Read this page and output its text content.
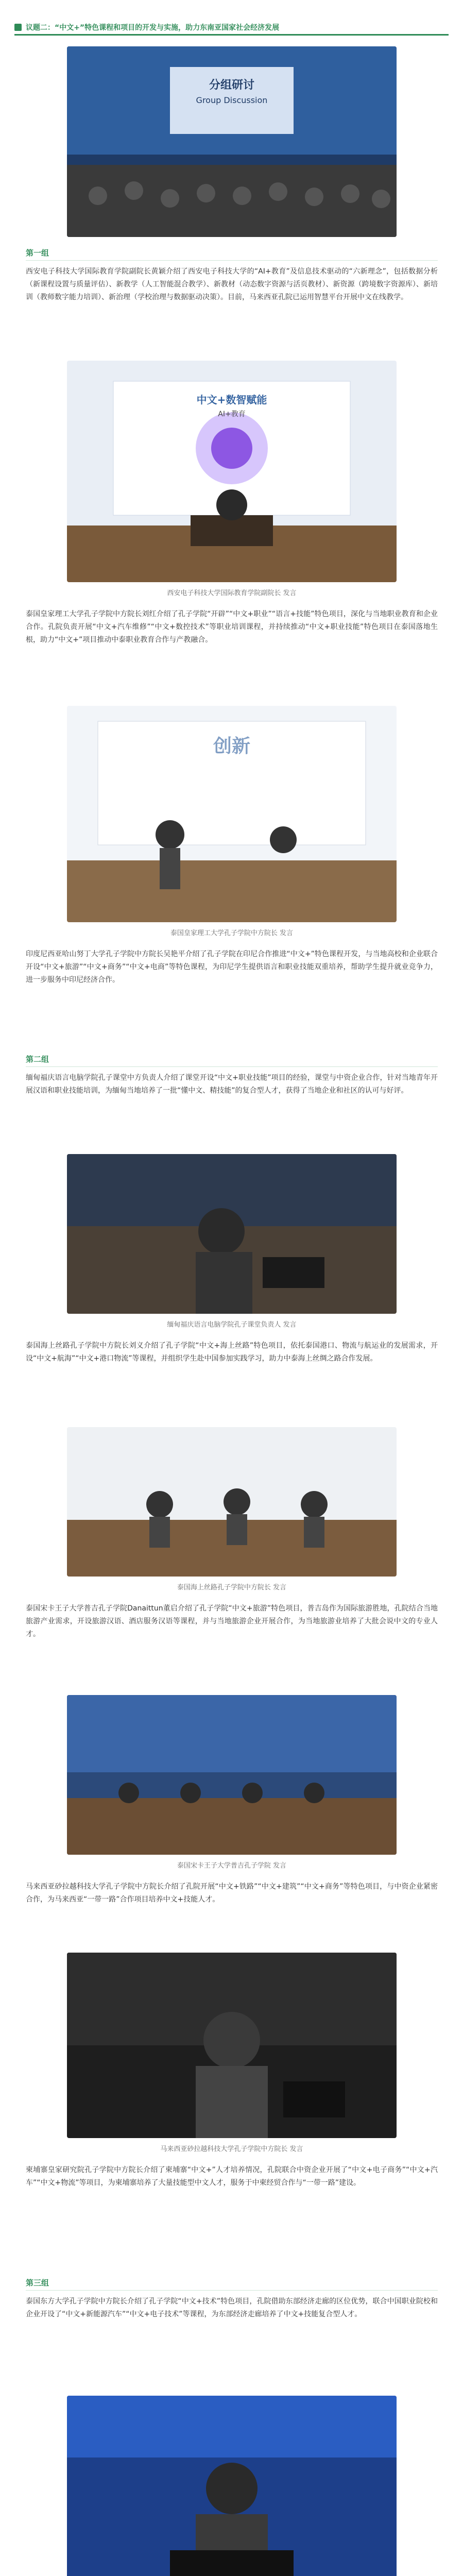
议题二：“中文+”特色课程和项目的开发与实施，助力东南亚国家社会经济发展
分组研讨
Group Discussion
第一组
西安电子科技大学国际教育学院副院长黄颖介绍了西安电子科技大学的“AI+教育”及信息技术驱动的“六新理念”，包括数据分析（新课程设置与质量评估）、新教学（人工智能混合教学）、新教材（动态数字资源与活页教材）、新资源（跨境数字资源库）、新培训（教师数字能力培训）、新治理（学校治理与数据驱动决策）。目前，马来西亚孔院已运用智慧平台开展中文在线教学。
中文+数智赋能
AI+教育
西安电子科技大学国际教育学院副院长 发言
泰国皇家理工大学孔子学院中方院长刘红介绍了孔子学院“开辟”“中文+职业”“语言+技能”特色项目，深化与当地职业教育和企业合作。孔院负责开展“中文+汽车维修”“中文+数控技术”等职业培训课程，并持续推动“中文+职业技能”特色项目在泰国落地生根，助力“中文+”项目推动中泰职业教育合作与产教融合。
创新
泰国皇家理工大学孔子学院中方院长 发言
印度尼西亚哈山努丁大学孔子学院中方院长吴艳平介绍了孔子学院在印尼合作推进“中文+”特色课程开发，与当地高校和企业联合开设“中文+旅游”“中文+商务”“中文+电商”等特色课程，为印尼学生提供语言和职业技能双重培养，帮助学生提升就业竞争力，进一步服务中印尼经济合作。
第二组
缅甸福庆语言电脑学院孔子课堂中方负责人介绍了课堂开设“中文+职业技能”项目的经验，课堂与中资企业合作，针对当地青年开展汉语和职业技能培训，为缅甸当地培养了一批“懂中文、精技能”的复合型人才，获得了当地企业和社区的认可与好评。
缅甸福庆语言电脑学院孔子课堂负责人 发言
泰国海上丝路孔子学院中方院长刘义介绍了孔子学院“中文+海上丝路”特色项目，依托泰国港口、物流与航运业的发展需求，开设“中文+航海”“中文+港口物流”等课程，并组织学生赴中国参加实践学习，助力中泰海上丝绸之路合作发展。
泰国海上丝路孔子学院中方院长 发言
泰国宋卡王子大学普吉孔子学院Danaittun董启介绍了孔子学院“中文+旅游”特色项目，普吉岛作为国际旅游胜地，孔院结合当地旅游产业需求，开设旅游汉语、酒店服务汉语等课程，并与当地旅游企业开展合作，为当地旅游业培养了大批会说中文的专业人才。
泰国宋卡王子大学普吉孔子学院 发言
马来西亚砂拉越科技大学孔子学院中方院长介绍了孔院开展“中文+铁路”“中文+建筑”“中文+商务”等特色项目，与中资企业紧密合作，为马来西亚“一带一路”合作项目培养中文+技能人才。
马来西亚砂拉越科技大学孔子学院中方院长 发言
柬埔寨皇家研究院孔子学院中方院长介绍了柬埔寨“中文+”人才培养情况，孔院联合中资企业开展了“中文+电子商务”“中文+汽车”“中文+物流”等项目，为柬埔寨培养了大量技能型中文人才，服务于中柬经贸合作与“一带一路”建设。
第三组
泰国东方大学孔子学院中方院长介绍了孔子学院“中文+技术”特色项目，孔院借助东部经济走廊的区位优势，联合中国职业院校和企业开设了“中文+新能源汽车”“中文+电子技术”等课程，为东部经济走廊培养了中文+技能复合型人才。
